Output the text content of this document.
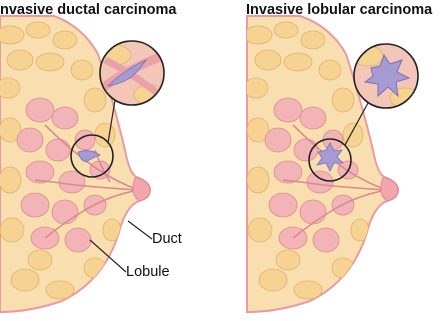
nvasive ductal carcinoma	Invasive lobular carcinoma
Duct
Lobule
